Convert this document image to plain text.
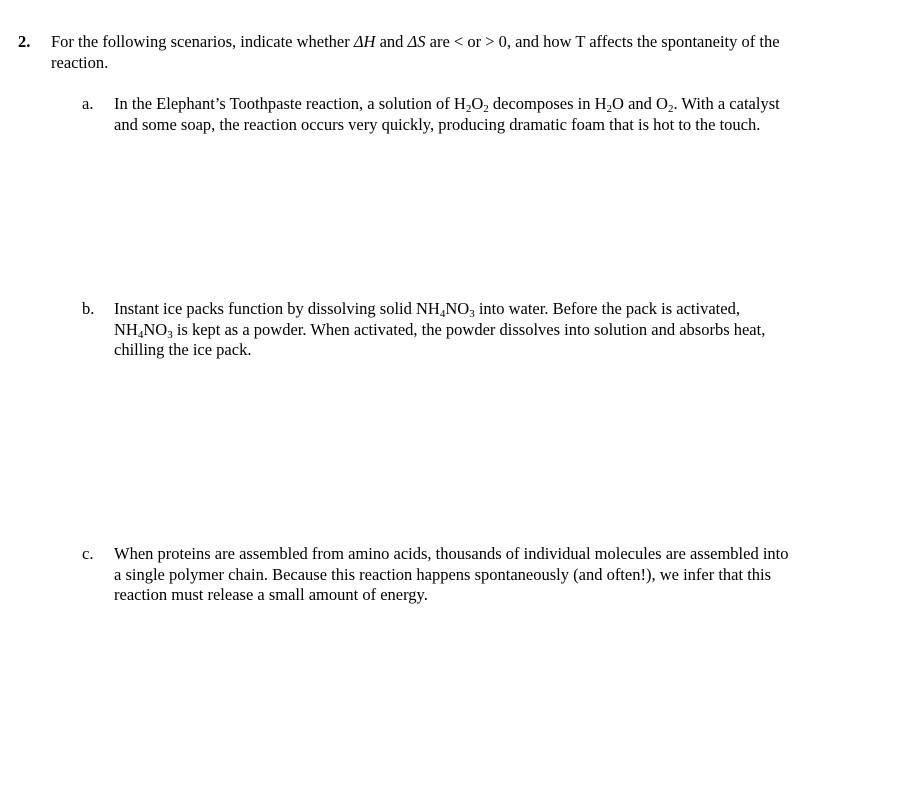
2. For the following scenarios, indicate whether ΔH and ΔS are < or > 0, and how T affects the spontaneity of the
reaction.
a. In the Elephant’s Toothpaste reaction, a solution of $H_2O_2$ decomposes in $H_2O$ and $O_2$. With a catalyst
and some soap, the reaction occurs very quickly, producing dramatic foam that is hot to the touch.
b. Instant ice packs function by dissolving solid $NH_4NO_3$ into water. Before the pack is activated,
$NH_4NO_3$ is kept as a powder. When activated, the powder dissolves into solution and absorbs heat,
chilling the ice pack.
c. When proteins are assembled from amino acids, thousands of individual molecules are assembled into
a single polymer chain. Because this reaction happens spontaneously (and often!), we infer that this
reaction must release a small amount of energy.
